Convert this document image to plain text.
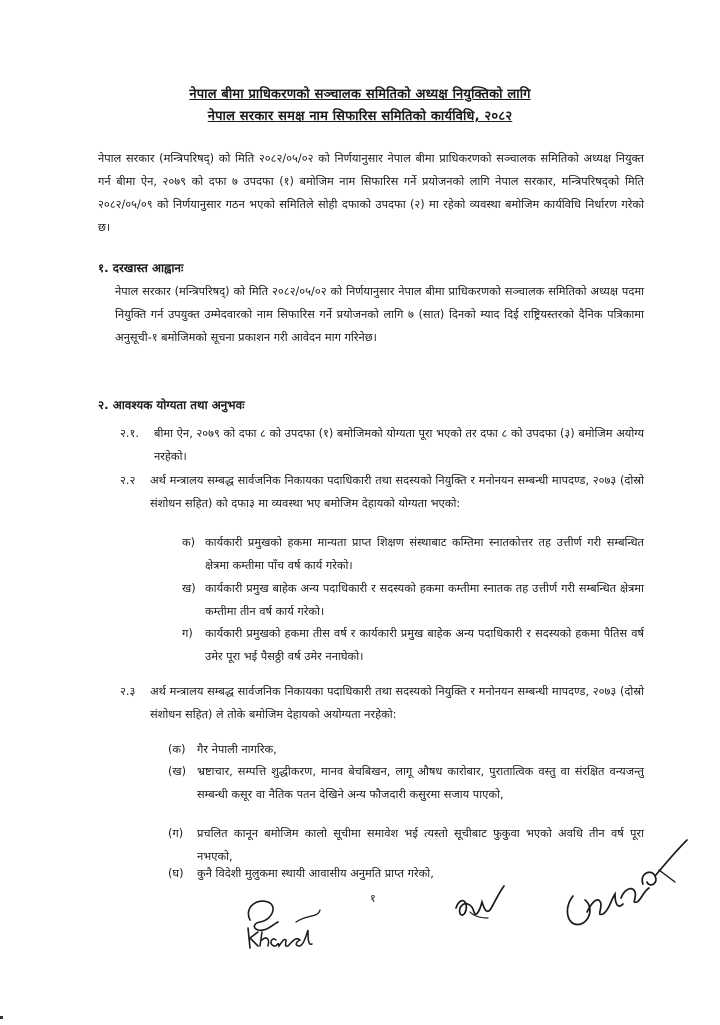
नेपाल बीमा प्राधिकरणको सञ्चालक समितिको अध्यक्ष नियुक्तिको लागि
नेपाल सरकार समक्ष नाम सिफारिस समितिको कार्यविधि, २०८२
नेपाल सरकार (मन्त्रिपरिषद्) को मिति २०८२/०५/०२ को निर्णयानुसार नेपाल बीमा प्राधिकरणको सञ्चालक समितिको अध्यक्ष नियुक्त गर्न बीमा ऐन, २०७९ को दफा ७ उपदफा (१) बमोजिम नाम सिफारिस गर्ने प्रयोजनको लागि नेपाल सरकार, मन्त्रिपरिषद्को मिति २०८२/०५/०९ को निर्णयानुसार गठन भएको समितिले सोही दफाको उपदफा (२) मा रहेको व्यवस्था बमोजिम कार्यविधि निर्धारण गरेको छ।
१. दरखास्त आह्वानः
नेपाल सरकार (मन्त्रिपरिषद्) को मिति २०८२/०५/०२ को निर्णयानुसार नेपाल बीमा प्राधिकरणको सञ्चालक समितिको अध्यक्ष पदमा नियुक्ति गर्न उपयुक्त उम्मेदवारको नाम सिफारिस गर्ने प्रयोजनको लागि ७ (सात) दिनको म्याद दिई राष्ट्रियस्तरको दैनिक पत्रिकामा अनुसूची-१ बमोजिमको सूचना प्रकाशन गरी आवेदन माग गरिनेछ।
२. आवश्यक योग्यता तथा अनुभवः
२.१. बीमा ऐन, २०७९ को दफा ८ को उपदफा (१) बमोजिमको योग्यता पूरा भएको तर दफा ८ को उपदफा (३) बमोजिम अयोग्य नरहेको।
२.२ अर्थ मन्त्रालय सम्बद्ध सार्वजनिक निकायका पदाधिकारी तथा सदस्यको नियुक्ति र मनोनयन सम्बन्धी मापदण्ड, २०७३ (दोस्रो संशोधन सहित) को दफा३ मा व्यवस्था भए बमोजिम देहायको योग्यता भएको:
क) कार्यकारी प्रमुखको हकमा मान्यता प्राप्त शिक्षण संस्थाबाट कम्तिमा स्नातकोत्तर तह उत्तीर्ण गरी सम्बन्धित क्षेत्रमा कम्तीमा पाँच वर्ष कार्य गरेको।
ख) कार्यकारी प्रमुख बाहेक अन्य पदाधिकारी र सदस्यको हकमा कम्तीमा स्नातक तह उत्तीर्ण गरी सम्बन्धित क्षेत्रमा कम्तीमा तीन वर्ष कार्य गरेको।
ग) कार्यकारी प्रमुखको हकमा तीस वर्ष र कार्यकारी प्रमुख बाहेक अन्य पदाधिकारी र सदस्यको हकमा पैतिस वर्ष उमेर पूरा भई पैसठ्ठी वर्ष उमेर ननाघेको।
२.३ अर्थ मन्त्रालय सम्बद्ध सार्वजनिक निकायका पदाधिकारी तथा सदस्यको नियुक्ति र मनोनयन सम्बन्धी मापदण्ड, २०७३ (दोस्रो संशोधन सहित) ले तोके बमोजिम देहायको अयोग्यता नरहेको:
(क) गैर नेपाली नागरिक,
(ख) भ्रष्टाचार, सम्पत्ति शुद्धीकरण, मानव बेचबिखन, लागू औषध कारोबार, पुरातात्विक वस्तु वा संरक्षित वन्यजन्तु सम्बन्धी कसूर वा नैतिक पतन देखिने अन्य फौजदारी कसुरमा सजाय पाएको,
(ग) प्रचलित कानून बमोजिम कालो सूचीमा समावेश भई त्यस्तो सूचीबाट फुकुवा भएको अवधि तीन वर्ष पूरा नभएको,
(घ) कुनै विदेशी मुलुकमा स्थायी आवासीय अनुमति प्राप्त गरेको,
१
